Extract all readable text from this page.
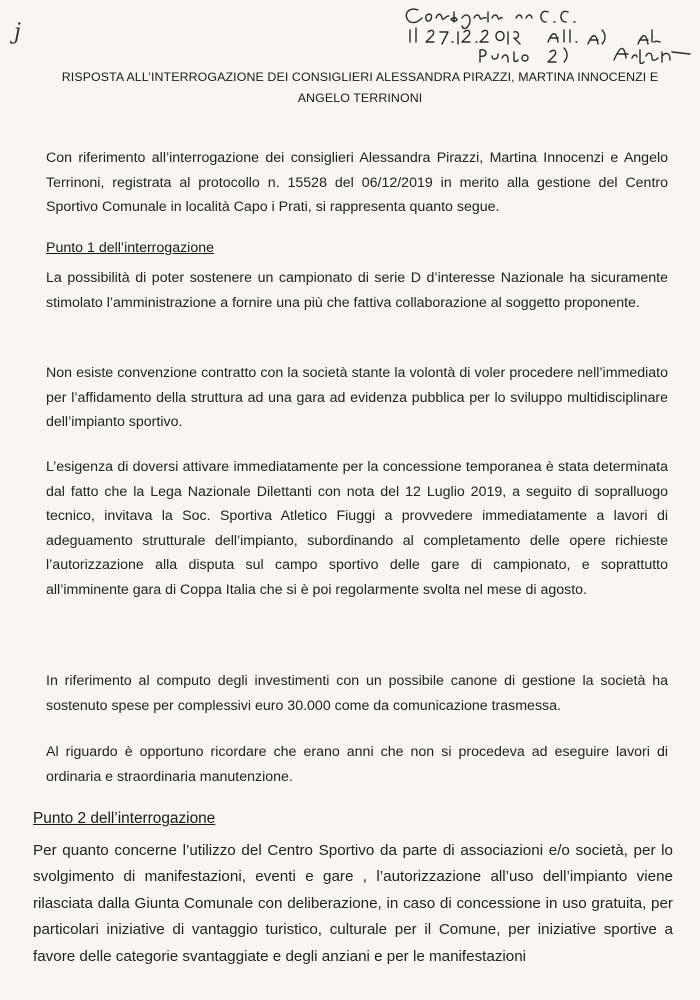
j
RISPOSTA ALL’INTERROGAZIONE DEI CONSIGLIERI ALESSANDRA PIRAZZI, MARTINA INNOCENZI E
ANGELO TERRINONI
Con riferimento all’interrogazione dei consiglieri Alessandra Pirazzi, Martina Innocenzi e Angelo Terrinoni, registrata al protocollo n. 15528 del 06/12/2019 in merito alla gestione del Centro Sportivo Comunale in località Capo i Prati, si rappresenta quanto segue.
Punto 1 dell’interrogazione
La possibilità di poter sostenere un campionato di serie D d’interesse Nazionale ha sicuramente stimolato l’amministrazione a fornire una più che fattiva collaborazione al soggetto proponente.
Non esiste convenzione contratto con la società stante la volontà di voler procedere nell’immediato per l’affidamento della struttura ad una gara ad evidenza pubblica per lo sviluppo multidisciplinare dell’impianto sportivo.
L’esigenza di doversi attivare immediatamente per la concessione temporanea è stata determinata dal fatto che la Lega Nazionale Dilettanti con nota del 12 Luglio 2019, a seguito di sopralluogo tecnico, invitava la Soc. Sportiva Atletico Fiuggi a provvedere immediatamente a lavori di adeguamento strutturale dell’impianto, subordinando al completamento delle opere richieste l’autorizzazione alla disputa sul campo sportivo delle gare di campionato, e soprattutto all’imminente gara di Coppa Italia che si è poi regolarmente svolta nel mese di agosto.
In riferimento al computo degli investimenti con un possibile canone di gestione la società ha sostenuto spese per complessivi euro 30.000 come da comunicazione trasmessa.
Al riguardo è opportuno ricordare che erano anni che non si procedeva ad eseguire lavori di ordinaria e straordinaria manutenzione.
Punto 2 dell’interrogazione
Per quanto concerne l’utilizzo del Centro Sportivo da parte di associazioni e/o società, per lo svolgimento di manifestazioni, eventi e gare , l’autorizzazione all’uso dell’impianto viene rilasciata dalla Giunta Comunale con deliberazione, in caso di concessione in uso gratuita, per particolari iniziative di vantaggio turistico, culturale per il Comune, per iniziative sportive a favore delle categorie svantaggiate e degli anziani e per le manifestazioni
